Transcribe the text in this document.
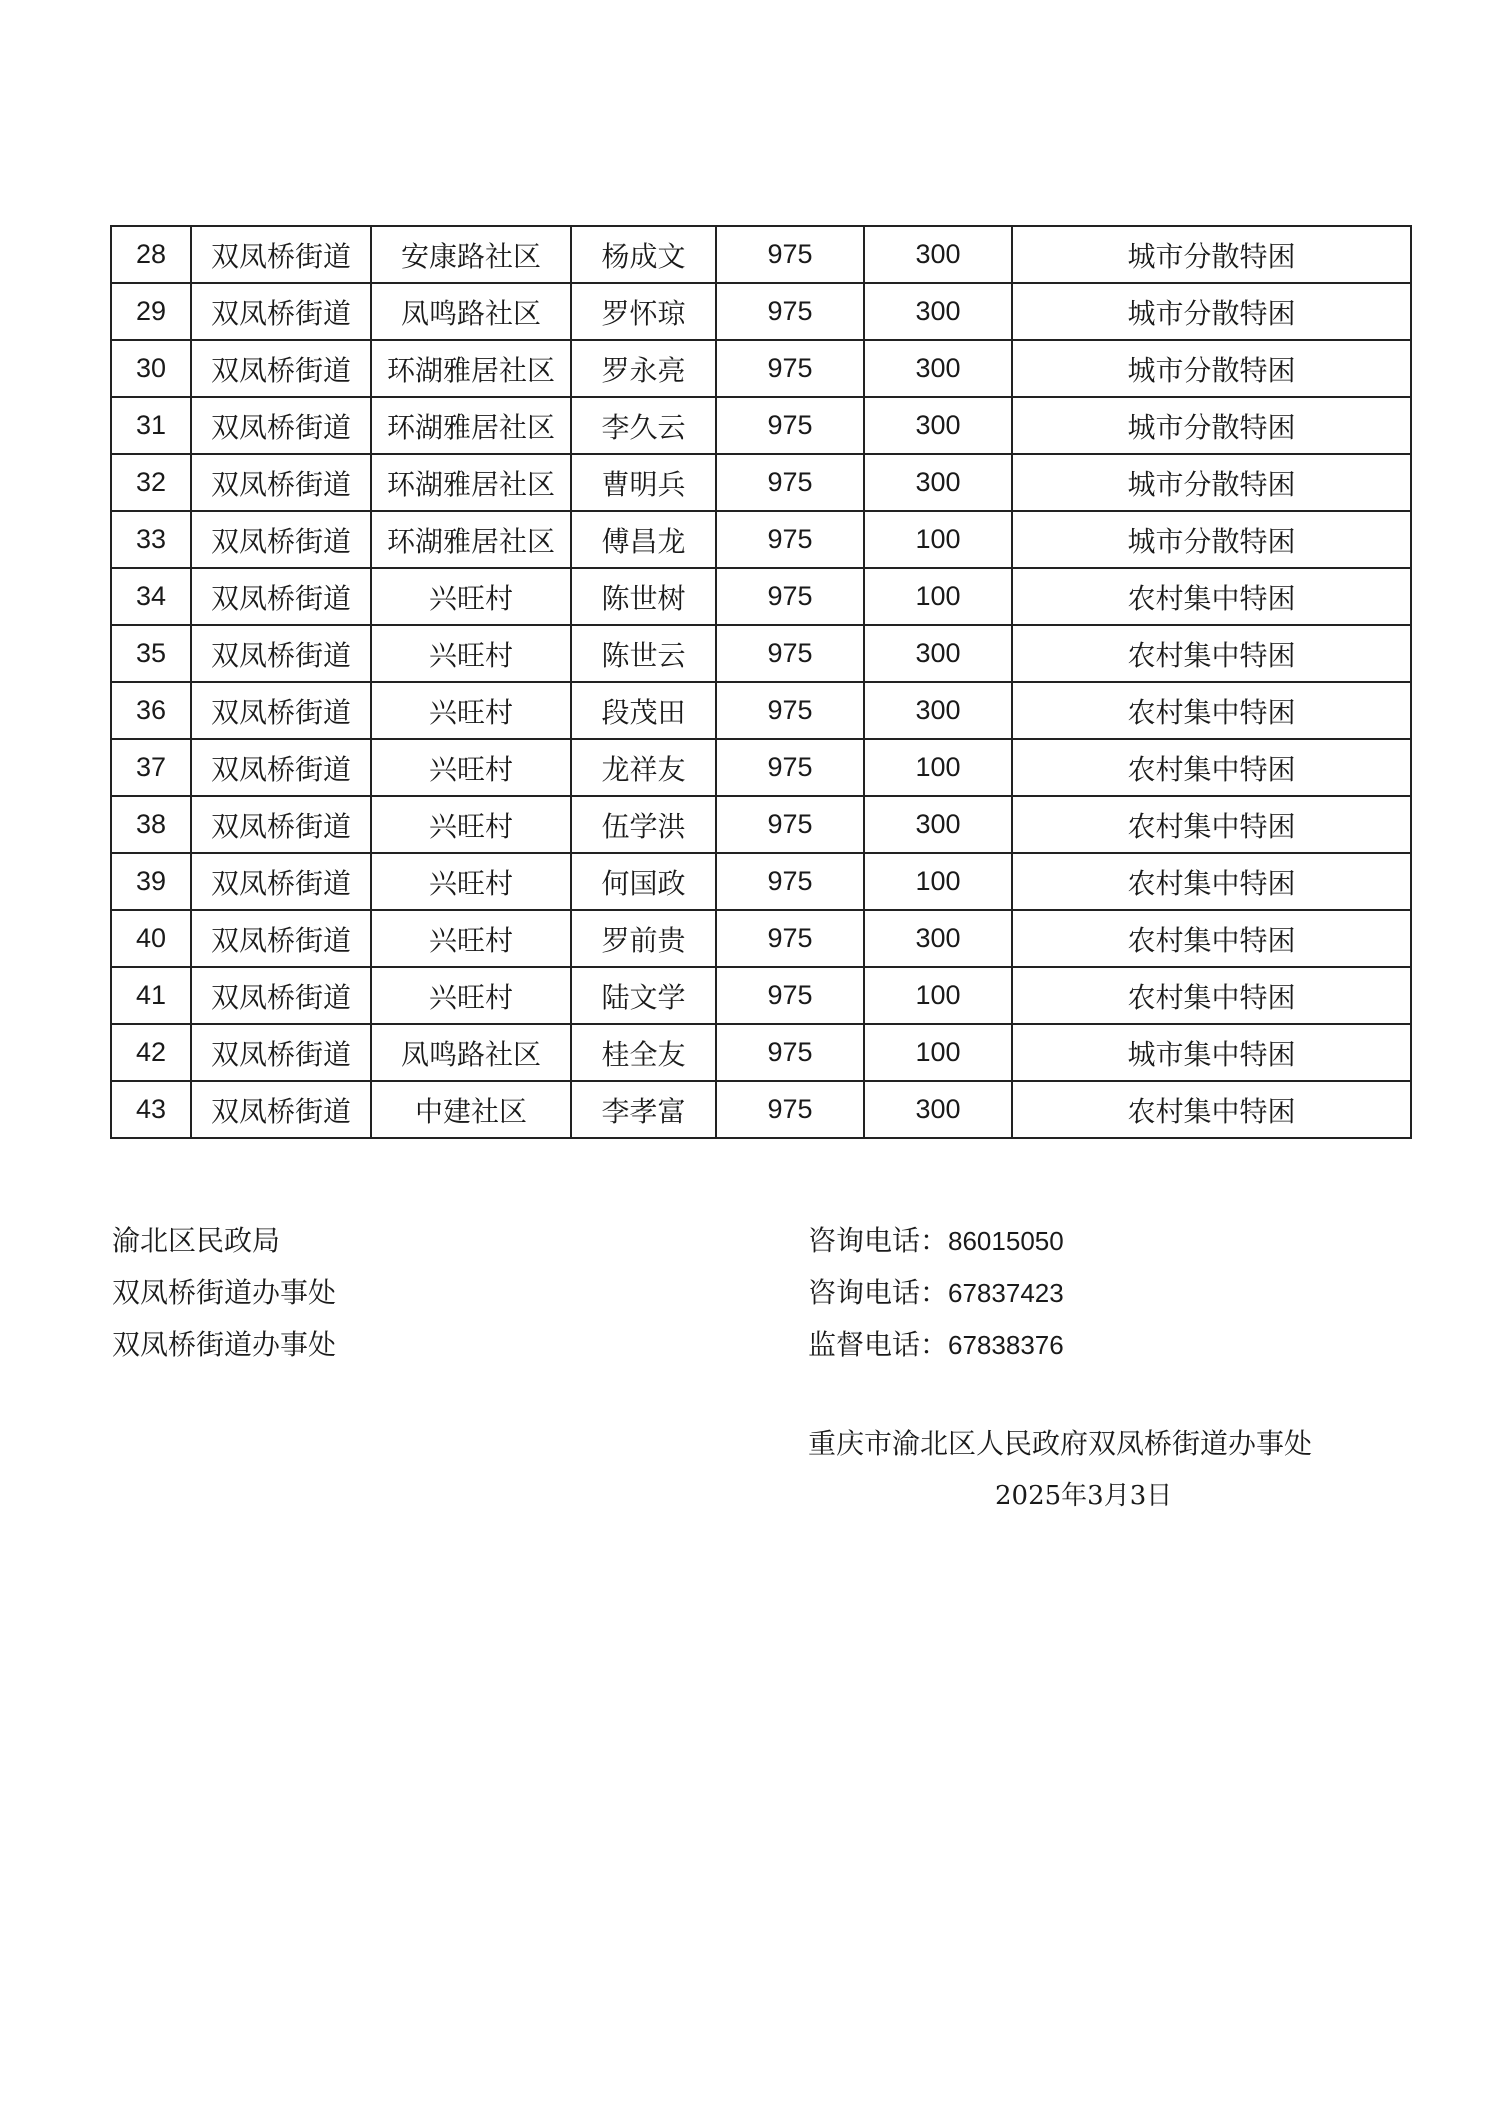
28	双凤桥街道	安康路社区	杨成文	975	300	城市分散特困
29	双凤桥街道	凤鸣路社区	罗怀琼	975	300	城市分散特困
30	双凤桥街道	环湖雅居社区	罗永亮	975	300	城市分散特困
31	双凤桥街道	环湖雅居社区	李久云	975	300	城市分散特困
32	双凤桥街道	环湖雅居社区	曹明兵	975	300	城市分散特困
33	双凤桥街道	环湖雅居社区	傅昌龙	975	100	城市分散特困
34	双凤桥街道	兴旺村	陈世树	975	100	农村集中特困
35	双凤桥街道	兴旺村	陈世云	975	300	农村集中特困
36	双凤桥街道	兴旺村	段茂田	975	300	农村集中特困
37	双凤桥街道	兴旺村	龙祥友	975	100	农村集中特困
38	双凤桥街道	兴旺村	伍学洪	975	300	农村集中特困
39	双凤桥街道	兴旺村	何国政	975	100	农村集中特困
40	双凤桥街道	兴旺村	罗前贵	975	300	农村集中特困
41	双凤桥街道	兴旺村	陆文学	975	100	农村集中特困
42	双凤桥街道	凤鸣路社区	桂全友	975	100	城市集中特困
43	双凤桥街道	中建社区	李孝富	975	300	农村集中特困
渝北区民政局
双凤桥街道办事处
双凤桥街道办事处
咨询电话：86015050
咨询电话：67837423
监督电话：67838376
重庆市渝北区人民政府双凤桥街道办事处
2025年3月3日
